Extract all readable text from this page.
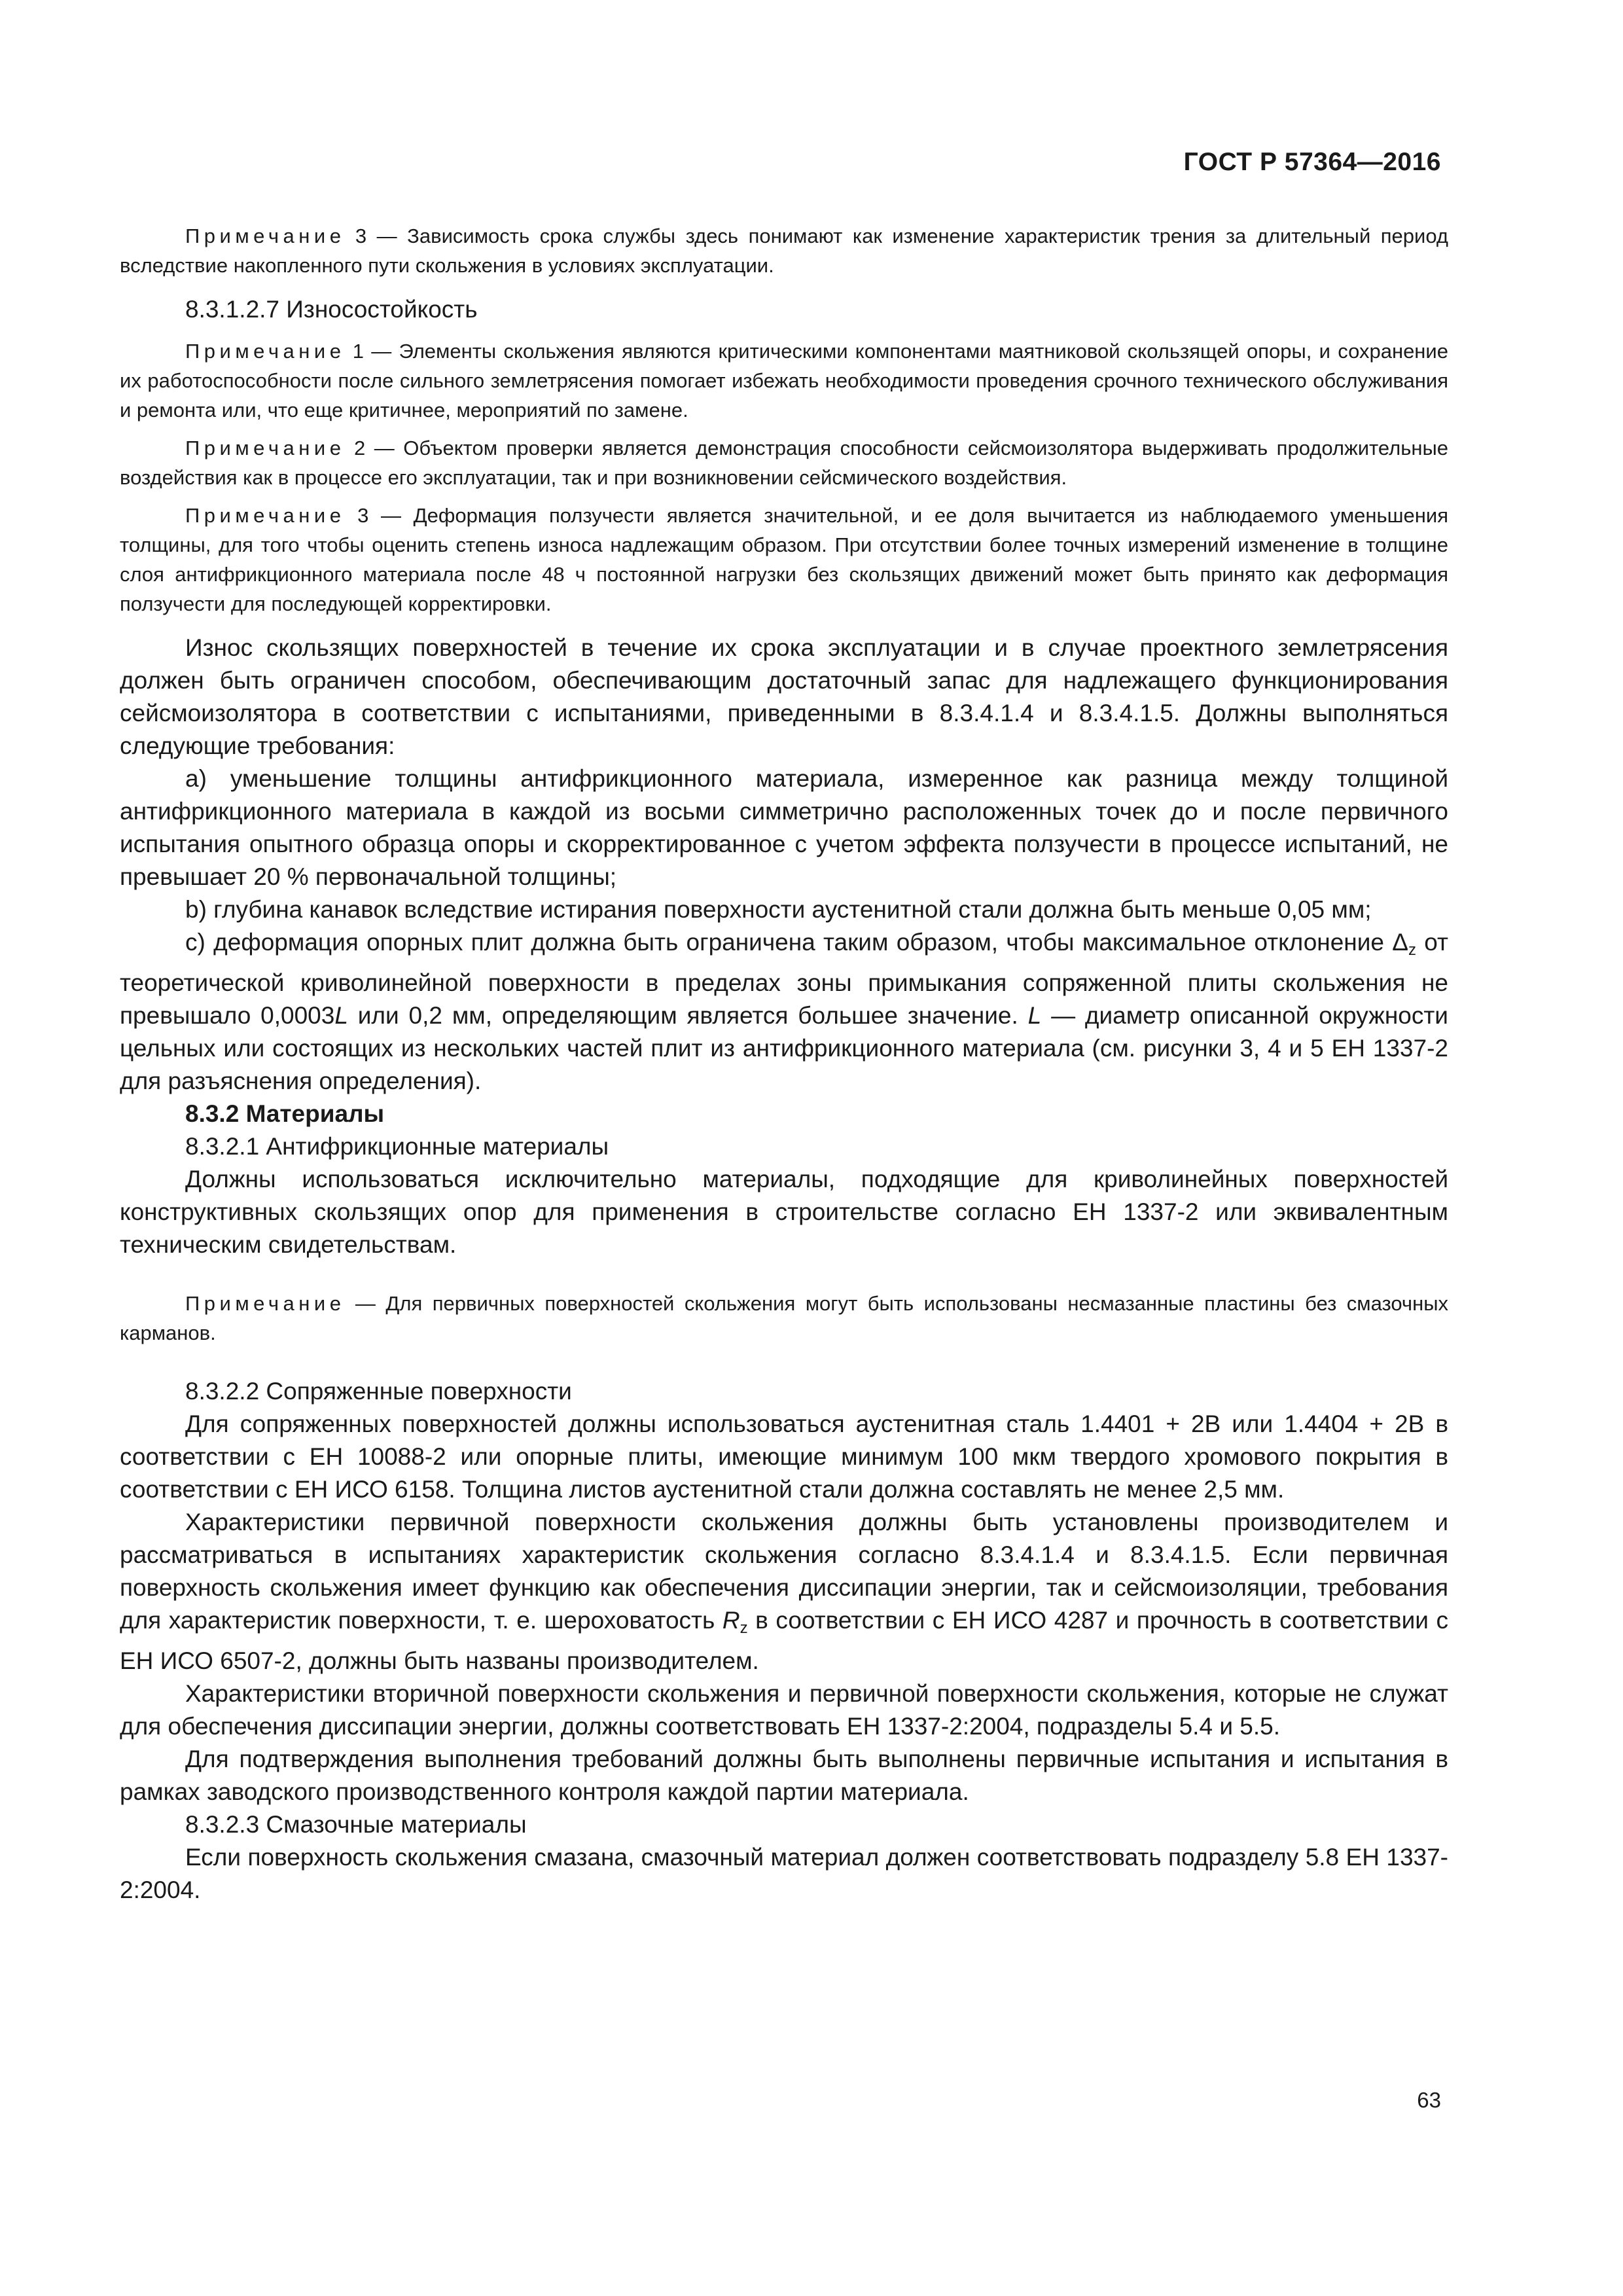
ГОСТ Р 57364—2016
Примечание 3 — Зависимость срока службы здесь понимают как изменение характеристик трения за длительный период вследствие накопленного пути скольжения в условиях эксплуатации.
8.3.1.2.7 Износостойкость
Примечание 1 — Элементы скольжения являются критическими компонентами маятниковой скользящей опоры, и сохранение их работоспособности после сильного землетрясения помогает избежать необходимости проведения срочного технического обслуживания и ремонта или, что еще критичнее, мероприятий по замене.
Примечание 2 — Объектом проверки является демонстрация способности сейсмоизолятора выдерживать продолжительные воздействия как в процессе его эксплуатации, так и при возникновении сейсмического воздействия.
Примечание 3 — Деформация ползучести является значительной, и ее доля вычитается из наблюдаемого уменьшения толщины, для того чтобы оценить степень износа надлежащим образом. При отсутствии более точных измерений изменение в толщине слоя антифрикционного материала после 48 ч постоянной нагрузки без скользящих движений может быть принято как деформация ползучести для последующей корректировки.
Износ скользящих поверхностей в течение их срока эксплуатации и в случае проектного землетрясения должен быть ограничен способом, обеспечивающим достаточный запас для надлежащего функционирования сейсмоизолятора в соответствии с испытаниями, приведенными в 8.3.4.1.4 и 8.3.4.1.5. Должны выполняться следующие требования:
а) уменьшение толщины антифрикционного материала, измеренное как разница между толщиной антифрикционного материала в каждой из восьми симметрично расположенных точек до и после первичного испытания опытного образца опоры и скорректированное с учетом эффекта ползучести в процессе испытаний, не превышает 20 % первоначальной толщины;
b) глубина канавок вследствие истирания поверхности аустенитной стали должна быть меньше 0,05 мм;
c) деформация опорных плит должна быть ограничена таким образом, чтобы максимальное отклонение $\Delta_z$ от теоретической криволинейной поверхности в пределах зоны примыкания сопряженной плиты скольжения не превышало 0,0003L или 0,2 мм, определяющим является большее значение. L — диаметр описанной окружности цельных или состоящих из нескольких частей плит из антифрикционного материала (см. рисунки 3, 4 и 5 ЕН 1337-2 для разъяснения определения).
8.3.2 Материалы
8.3.2.1 Антифрикционные материалы
Должны использоваться исключительно материалы, подходящие для криволинейных поверхностей конструктивных скользящих опор для применения в строительстве согласно ЕН 1337-2 или эквивалентным техническим свидетельствам.
Примечание — Для первичных поверхностей скольжения могут быть использованы несмазанные пластины без смазочных карманов.
8.3.2.2 Сопряженные поверхности
Для сопряженных поверхностей должны использоваться аустенитная сталь 1.4401 + 2В или 1.4404 + 2В в соответствии с ЕН 10088-2 или опорные плиты, имеющие минимум 100 мкм твердого хромового покрытия в соответствии с ЕН ИСО 6158. Толщина листов аустенитной стали должна составлять не менее 2,5 мм.
Характеристики первичной поверхности скольжения должны быть установлены производителем и рассматриваться в испытаниях характеристик скольжения согласно 8.3.4.1.4 и 8.3.4.1.5. Если первичная поверхность скольжения имеет функцию как обеспечения диссипации энергии, так и сейсмоизоляции, требования для характеристик поверхности, т. е. шероховатость $R_z$ в соответствии с ЕН ИСО 4287 и прочность в соответствии с ЕН ИСО 6507-2, должны быть названы производителем.
Характеристики вторичной поверхности скольжения и первичной поверхности скольжения, которые не служат для обеспечения диссипации энергии, должны соответствовать ЕН 1337-2:2004, подразделы 5.4 и 5.5.
Для подтверждения выполнения требований должны быть выполнены первичные испытания и испытания в рамках заводского производственного контроля каждой партии материала.
8.3.2.3 Смазочные материалы
Если поверхность скольжения смазана, смазочный материал должен соответствовать подразделу 5.8 ЕН 1337-2:2004.
63
